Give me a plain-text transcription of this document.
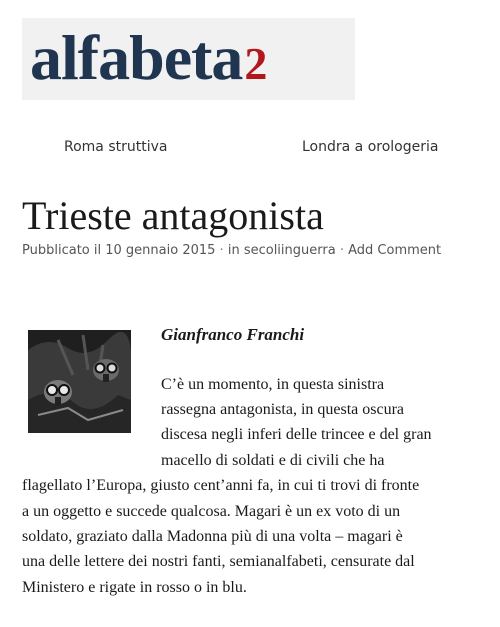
alfabeta2
Roma struttiva	Londra a orologeria
Trieste antagonista
Pubblicato il 10 gennaio 2015 · in secoliinguerra · Add Comment
Gianfranco Franchi
C’è un momento, in questa sinistra
rassegna antagonista, in questa oscura
discesa negli inferi delle trincee e del gran
macello di soldati e di civili che ha
flagellato l’Europa, giusto cent’anni fa, in cui ti trovi di fronte
a un oggetto e succede qualcosa. Magari è un ex voto di un
soldato, graziato dalla Madonna più di una volta – magari è
una delle lettere dei nostri fanti, semianalfabeti, censurate dal
Ministero e rigate in rosso o in blu.
